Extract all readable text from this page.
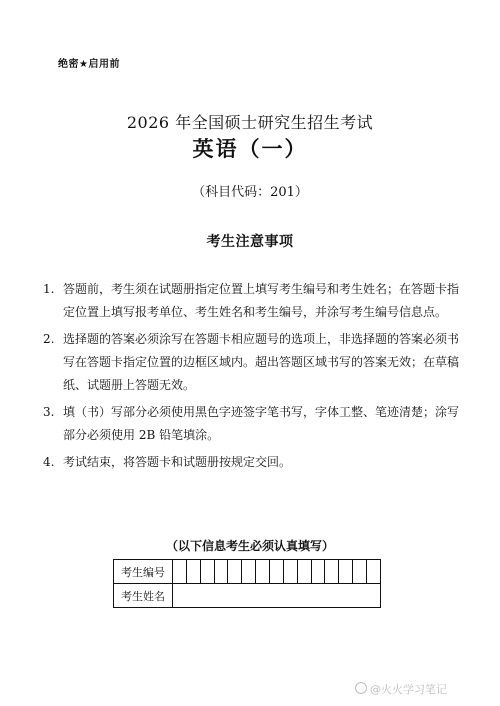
绝密★启用前
2026 年全国硕士研究生招生考试
英语（一）
（科目代码：201）
考生注意事项
1. 答题前，考生须在试题册指定位置上填写考生编号和考生姓名；在答题卡指定位置上填写报考单位、考生姓名和考生编号，并涂写考生编号信息点。
2. 选择题的答案必须涂写在答题卡相应题号的选项上，非选择题的答案必须书写在答题卡指定位置的边框区域内。超出答题区域书写的答案无效；在草稿纸、试题册上答题无效。
3. 填（书）写部分必须使用黑色字迹签字笔书写，字体工整、笔迹清楚；涂写部分必须使用 2B 铅笔填涂。
4. 考试结束，将答题卡和试题册按规定交回。
（以下信息考生必须认真填写）
考生编号	

考生姓名	
@火火学习笔记
